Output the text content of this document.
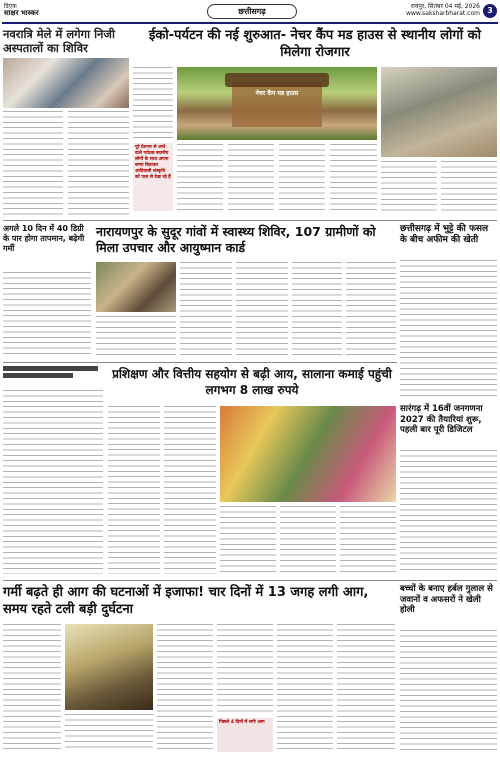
डिएक
साक्षर भास्कर	छत्तीसगढ़
रायपुर, सितंबर 04 मई, 2026
www.saksharbharat.com 3
नवरात्रि मेले में लगेगा निजी अस्पतालों का शिविर
ईको-पर्यटन की नई शुरुआत- नेचर कैंप मड हाउस से स्थानीय लोगों को मिलेगा रोजगार
पूरे देशभर से आने वाले पर्यटक स्थानीय लोगों के साथ अपना समय बिताकर आदिवासी संस्कृति को पास से देख रहे हैं
नेचर कैंप मड हाउस
अगले 10 दिन में 40 डिग्री के पार होगा तापमान, बढ़ेगी गर्मी
नारायणपुर के सुदूर गांवों में स्वास्थ्य शिविर, 107 ग्रामीणों को मिला उपचार और आयुष्मान कार्ड
छत्तीसगढ़ में भुट्टे की फसल के बीच अफीम की खेती
सारंगढ़ में 16वीं जनगणना 2027 की तैयारियां शुरू, पहली बार पूरी डिजिटल
प्रशिक्षण और वित्तीय सहयोग से बढ़ी आय, सालाना कमाई पहुंची लगभग 8 लाख रुपये
गर्मी बढ़ते ही आग की घटनाओं में इजाफा! चार दिनों में 13 जगह लगी आग, समय रहते टली बड़ी दुर्घटना
पिछले 4 दिनों में लगी आग
बच्चों के बनाए हर्बल गुलाल से जवानों व अफसरों ने खेली होली
